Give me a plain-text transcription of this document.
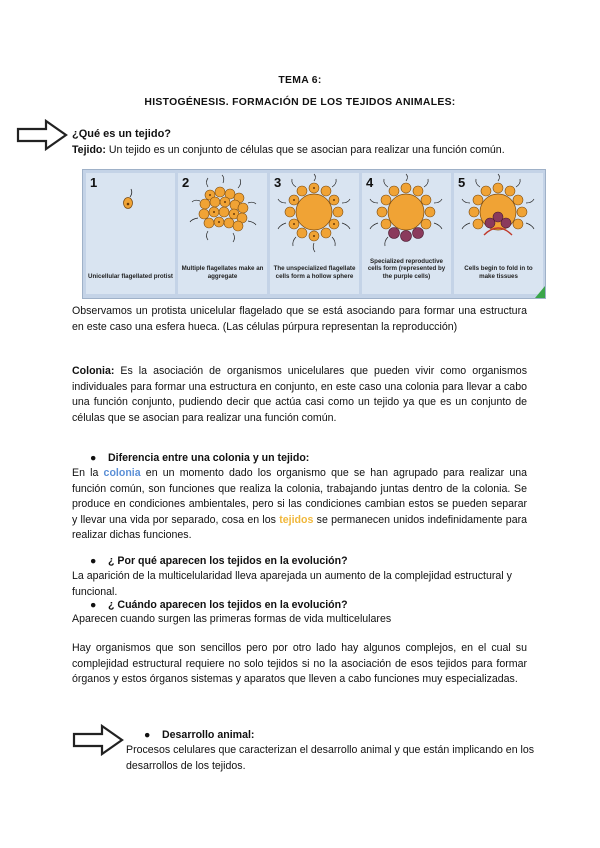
TEMA 6:
HISTOGÉNESIS. FORMACIÓN DE LOS TEJIDOS ANIMALES:
¿Qué es un tejido?
Tejido: Un tejido es un conjunto de células que se asocian para realizar una función común.
1
Unicellular flagellated protist
2
Multiple flagellates make an aggregate
3
The unspecialized flagellate cells form a hollow sphere
4
Specialized reproductive cells form (represented by the purple cells)
5
Cells begin to fold in to make tissues
Observamos un protista unicelular flagelado que se está asociando para formar una estructura en este caso una esfera hueca. (Las células púrpura representan la reproducción)
Colonia: Es la asociación de organismos unicelulares que pueden vivir como organismos individuales para formar una estructura en conjunto, en este caso una colonia para llevar a cabo una función conjunto, pudiendo decir que actúa casi como un tejido ya que es un conjunto de células que se asocian para realizar una función común.
● Diferencia entre una colonia y un tejido:
En la colonia en un momento dado los organismo que se han agrupado para realizar una función común, son funciones que realiza la colonia, trabajando juntas dentro de la colonia. Se produce en condiciones ambientales, pero si las condiciones cambian estos se pueden separar y llevar una vida por separado, cosa en los tejidos se permanecen unidos indefinidamente para realizar dichas funciones.
● ¿ Por qué aparecen los tejidos en la evolución?
La aparición de la multicelularidad lleva aparejada un aumento de la complejidad estructural y funcional.
● ¿ Cuándo aparecen los tejidos en la evolución?
Aparecen cuando surgen las primeras formas de vida multicelulares
Hay organismos que son sencillos pero por otro lado hay algunos complejos, en el cual su complejidad estructural requiere no solo tejidos si no la asociación de esos tejidos para formar órganos y estos órganos sistemas y aparatos que lleven a cabo funciones muy especializadas.
● Desarrollo animal:
Procesos celulares que caracterizan el desarrollo animal y que están implicando en los desarrollos de los tejidos.
